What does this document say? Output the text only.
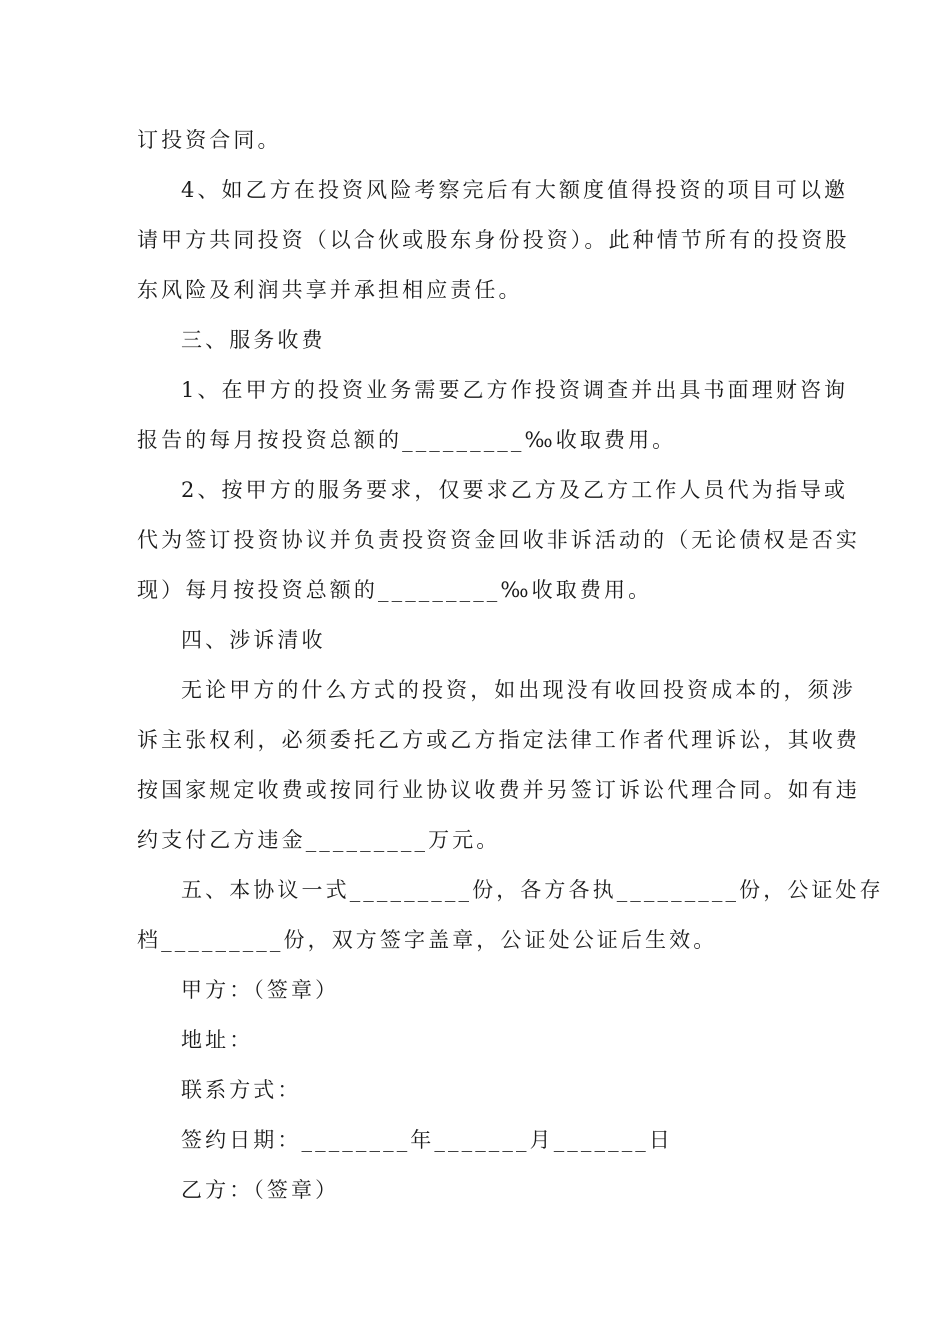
订投资合同。
4、如乙方在投资风险考察完后有大额度值得投资的项目可以邀
请甲方共同投资（以合伙或股东身份投资）。此种情节所有的投资股
东风险及利润共享并承担相应责任。
三、服务收费
1、在甲方的投资业务需要乙方作投资调查并出具书面理财咨询
报告的每月按投资总额的_________‰收取费用。
2、按甲方的服务要求，仅要求乙方及乙方工作人员代为指导或
代为签订投资协议并负责投资资金回收非诉活动的（无论债权是否实
现）每月按投资总额的_________‰收取费用。
四、涉诉清收
无论甲方的什么方式的投资，如出现没有收回投资成本的，须涉
诉主张权利，必须委托乙方或乙方指定法律工作者代理诉讼，其收费
按国家规定收费或按同行业协议收费并另签订诉讼代理合同。如有违
约支付乙方违金_________万元。
五、本协议一式_________份，各方各执_________份，公证处存
档_________份，双方签字盖章，公证处公证后生效。
甲方：（签章）
地址：
联系方式：
签约日期：________年_______月_______日
乙方：（签章）
